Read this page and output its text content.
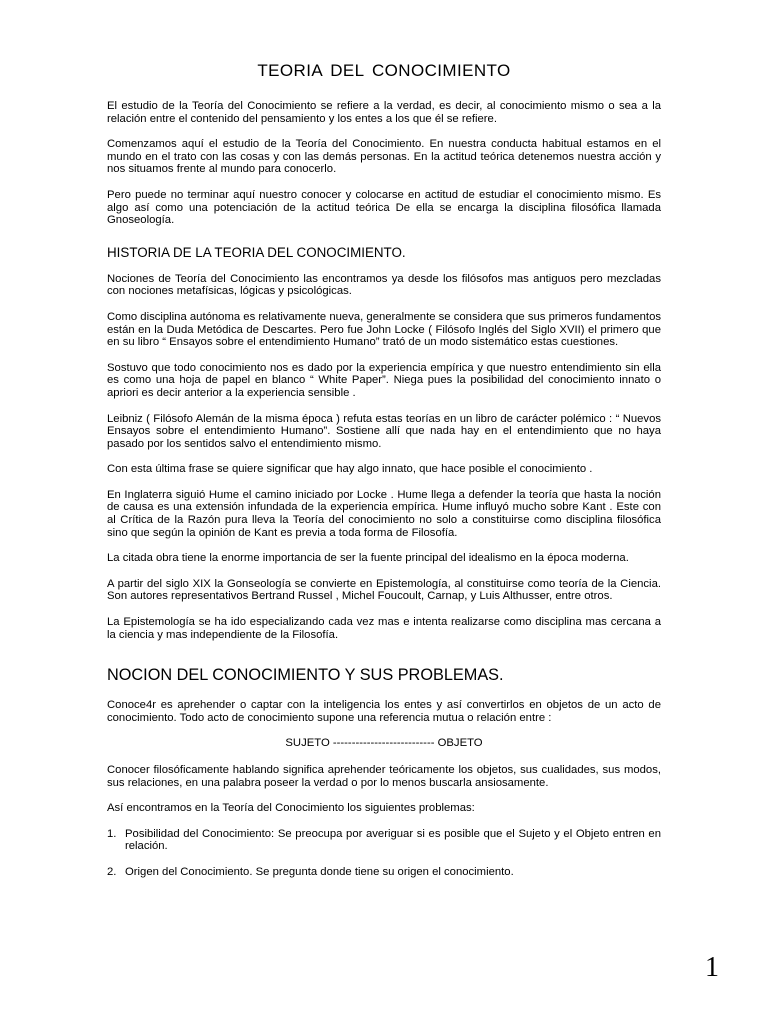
TEORIA DEL CONOCIMIENTO

El estudio de la Teoría del Conocimiento se refiere a la verdad, es decir, al conocimiento mismo o sea a la relación entre el contenido del pensamiento y los entes a los que él se refiere.

Comenzamos aquí el estudio de la Teoría del Conocimiento. En nuestra conducta habitual estamos en el mundo en el trato con las cosas y con las demás personas. En la actitud teórica detenemos nuestra acción y nos situamos frente al mundo para conocerlo.

Pero puede no terminar aquí nuestro conocer y colocarse en actitud de estudiar el conocimiento mismo. Es algo así como una potenciación de la actitud teórica De ella se encarga la disciplina filosófica llamada Gnoseología.

HISTORIA DE LA TEORIA DEL CONOCIMIENTO.

Nociones de Teoría del Conocimiento las encontramos ya desde los filósofos mas antiguos pero mezcladas con nociones metafísicas, lógicas y psicológicas.

Como disciplina autónoma es relativamente nueva, generalmente se considera que sus primeros fundamentos están en la Duda Metódica de Descartes. Pero fue John Locke ( Filósofo Inglés del Siglo XVII) el primero que en su libro “ Ensayos sobre el entendimiento Humano” trató de un modo sistemático estas cuestiones.

Sostuvo que todo conocimiento nos es dado por la experiencia empírica y que nuestro entendimiento sin ella es como una hoja de papel en blanco “ White Paper”. Niega pues la posibilidad del conocimiento innato o apriori es decir anterior a la experiencia sensible .

Leibniz ( Filósofo Alemán de la misma época ) refuta estas teorías en un libro de carácter polémico : “ Nuevos Ensayos sobre el entendimiento Humano”. Sostiene allí que nada hay en el entendimiento que no haya pasado por los sentidos salvo el entendimiento mismo.

Con esta última frase se quiere significar que hay algo innato, que hace posible el conocimiento .

En Inglaterra siguió Hume el camino iniciado por Locke . Hume llega a defender la teoría que hasta la noción de causa es una extensión infundada de la experiencia empírica. Hume influyó mucho sobre Kant . Este con al Crítica de la Razón pura lleva la Teoría del conocimiento no solo a constituirse como disciplina filosófica sino que según la opinión de Kant es previa a toda forma de Filosofía.

La citada obra tiene la enorme importancia de ser la fuente principal del idealismo en la época moderna.

A partir del siglo XIX la Gonseología se convierte en Epistemología, al constituirse como teoría de la Ciencia. Son autores representativos Bertrand Russel , Michel Foucoult, Carnap, y Luis Althusser, entre otros.

La Epistemología se ha ido especializando cada vez mas e intenta realizarse como disciplina mas cercana a la ciencia y mas independiente de la Filosofía.

NOCION DEL CONOCIMIENTO Y SUS PROBLEMAS.

Conoce4r es aprehender o captar con la inteligencia los entes y así convertirlos en objetos de un acto de conocimiento. Todo acto de conocimiento supone una referencia mutua o relación entre :

SUJETO --------------------------- OBJETO

Conocer filosóficamente hablando significa aprehender teóricamente los objetos, sus cualidades, sus modos, sus relaciones, en una palabra poseer la verdad o por lo menos buscarla ansiosamente.

Así encontramos en la Teoría del Conocimiento los siguientes problemas:

1. Posibilidad del Conocimiento: Se preocupa por averiguar si es posible que el Sujeto y el Objeto entren en relación.
2. Origen del Conocimiento. Se pregunta donde tiene su origen el conocimiento.
1
